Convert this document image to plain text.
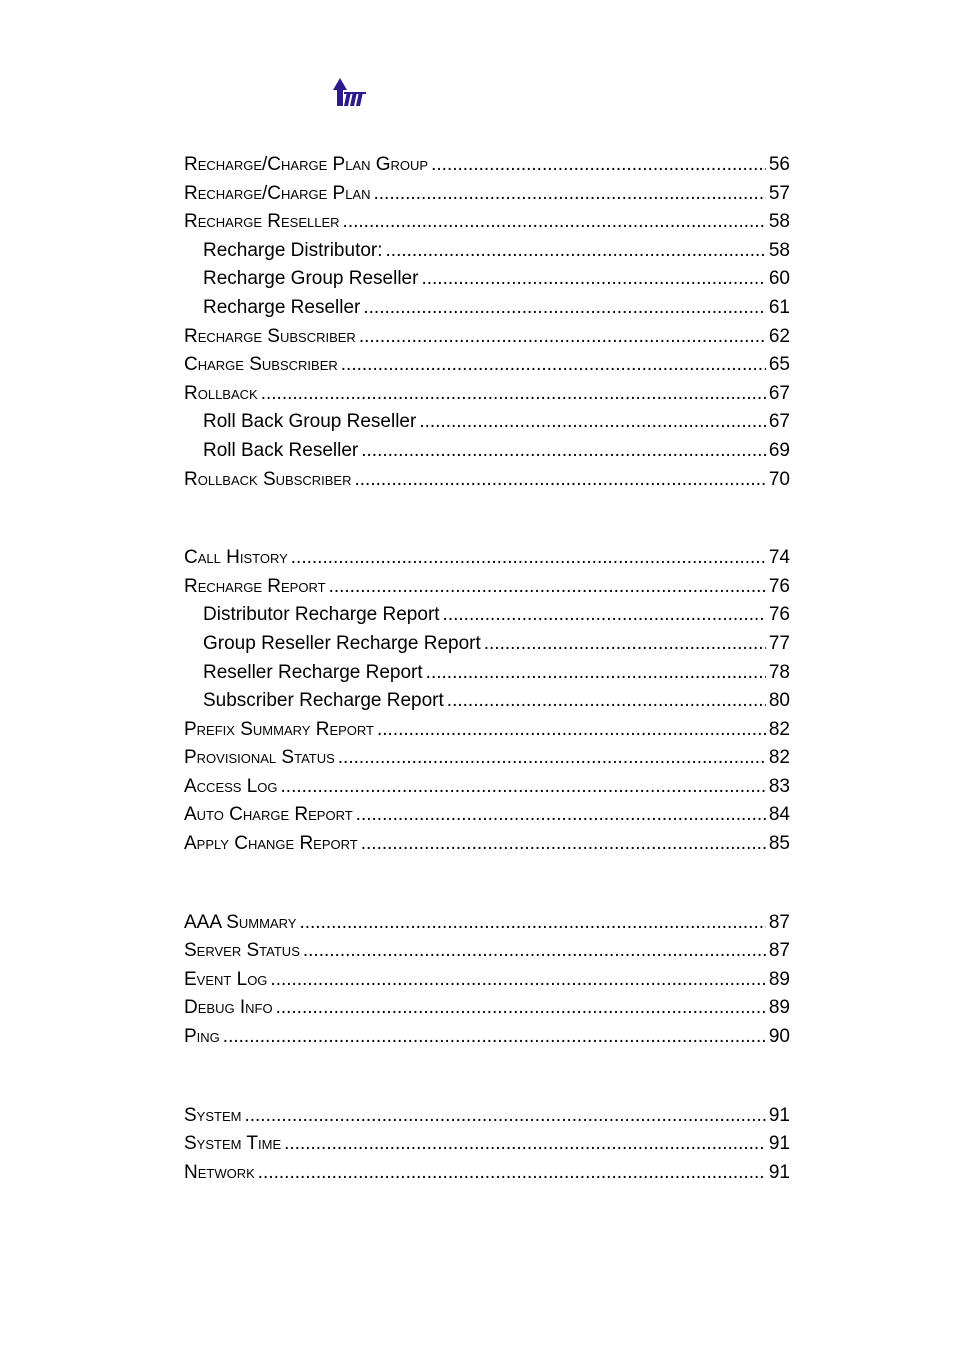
Recharge/Charge Plan Group .....	56
Recharge/Charge Plan .....	57
Recharge Reseller .....	58
Recharge Distributor: .....	58
Recharge Group Reseller .....	60
Recharge Reseller .....	61
Recharge Subscriber .....	62
Charge Subscriber .....	65
Rollback .....	67
Roll Back Group Reseller .....	67
Roll Back Reseller .....	69
Rollback Subscriber .....	70
Call History .....	74
Recharge Report .....	76
Distributor Recharge Report .....	76
Group Reseller Recharge Report .....	77
Reseller Recharge Report .....	78
Subscriber Recharge Report .....	80
Prefix Summary Report .....	82
Provisional Status .....	82
Access Log .....	83
Auto Charge Report .....	84
Apply Change Report .....	85
AAA Summary .....	87
Server Status .....	87
Event Log .....	89
Debug Info .....	89
Ping .....	90
System .....	91
System Time .....	91
Network .....	91
